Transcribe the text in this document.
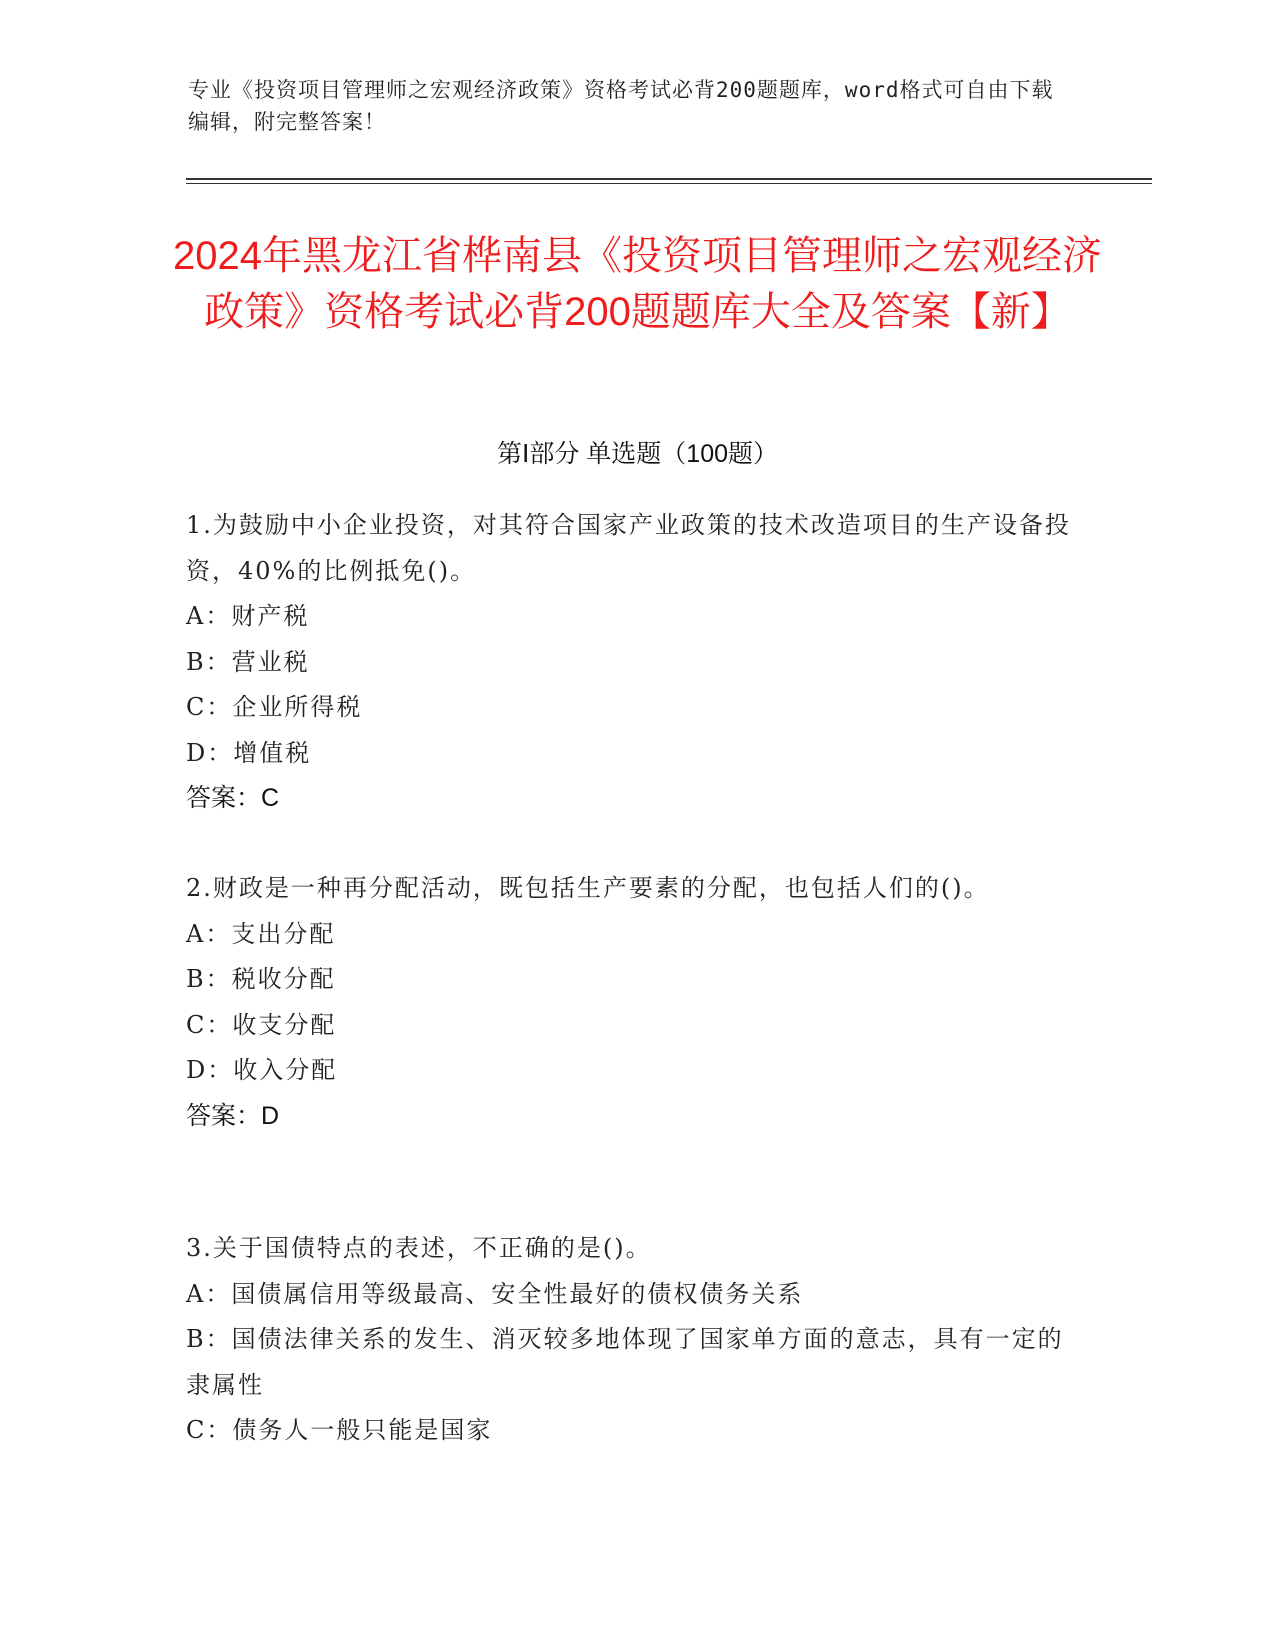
专业《投资项目管理师之宏观经济政策》资格考试必背200题题库，word格式可自由下载编辑，附完整答案！
2024年黑龙江省桦南县《投资项目管理师之宏观经济政策》资格考试必背200题题库大全及答案【新】
第Ⅰ部分 单选题（100题）

1.为鼓励中小企业投资，对其符合国家产业政策的技术改造项目的生产设备投资，40%的比例抵免()。

A：财产税

B：营业税

C：企业所得税

D：增值税

答案：C

2.财政是一种再分配活动，既包括生产要素的分配，也包括人们的()。

A：支出分配

B：税收分配

C：收支分配

D：收入分配

答案：D

3.关于国债特点的表述，不正确的是()。

A：国债属信用等级最高、安全性最好的债权债务关系

B：国债法律关系的发生、消灭较多地体现了国家单方面的意志，具有一定的隶属性

C：债务人一般只能是国家
